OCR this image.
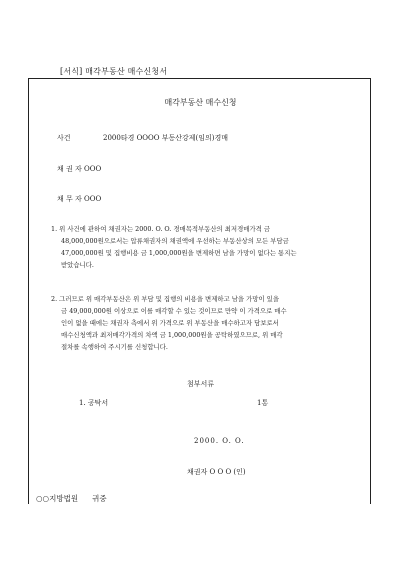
[서식] 매각부동산 매수신청서
매각부동산 매수신청
사건	2000타경 OOOO 부동산강제(임의)경매
채 권 자 OOO
채 무 자 OOO
1. 위 사건에 관하여 채권자는 2000. O. O. 경매목적부동산의 최저경매가격 금
48,000,000원으로서는 압류채권자의 채권액에 우선하는 부동산상의 모든 부담금
47,000,000원 및 집행비용 금 1,000,000원을 변제하면 남을 가망이 없다는 통지는
받았습니다.
2. 그러므로 위 매각부동산은 위 부담 및 집행의 비용을 변제하고 남을 가망이 있을
금 49,000,000원 이상으로 이를 매각할 수 있는 것이므로 만약 이 가격으로 매수
인이 없을 때에는 채권자 측에서 위 가격으로 위 부동산을 매수하고자 담보로서
매수신청액과 최저매각가격의 차액 금 1,000,000원을 공탁하였으므로, 위 매각
절차를 속행하여 주시기를 신청합니다.
첨부서류
1. 공탁서	1통
2000. O. O.
채권자 O O O (인)
○○지방법원 귀중
